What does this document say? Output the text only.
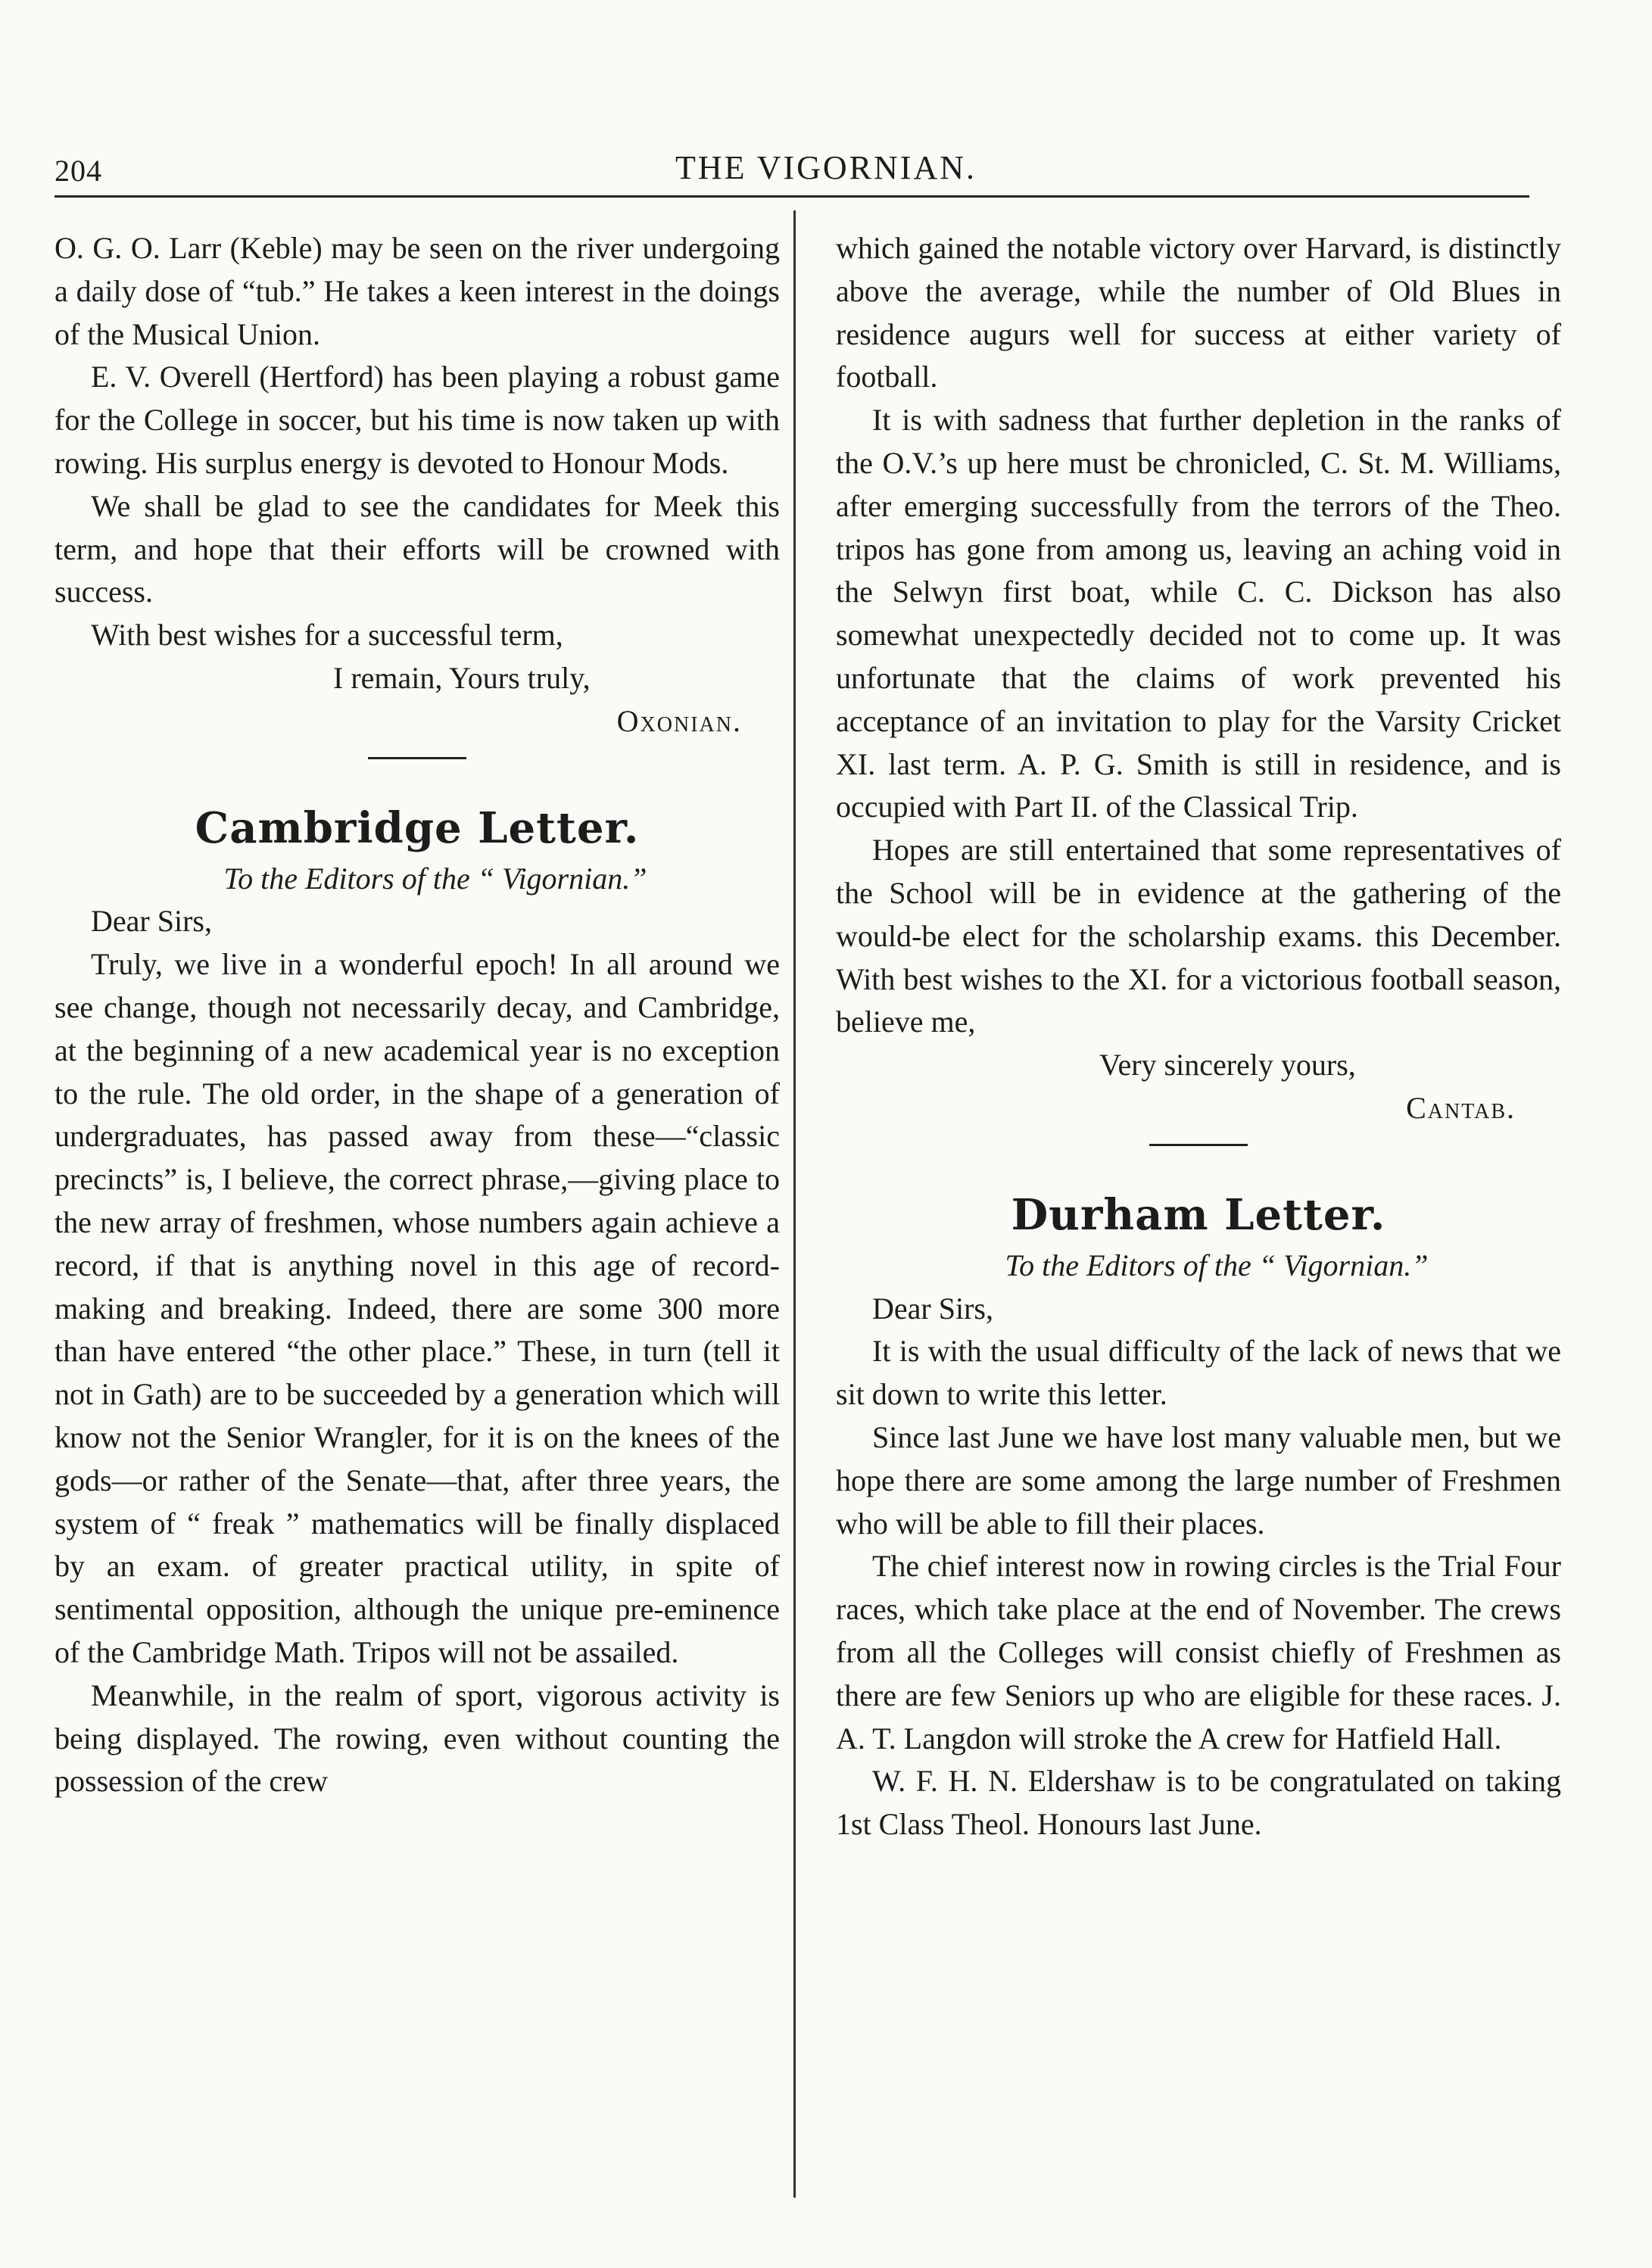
204	THE VIGORNIAN.

O. G. O. Larr (Keble) may be seen on the river undergoing a daily dose of “tub.” He takes a keen interest in the doings of the Musical Union.

E. V. Overell (Hertford) has been playing a robust game for the College in soccer, but his time is now taken up with rowing. His surplus energy is devoted to Honour Mods.

We shall be glad to see the candidates for Meek this term, and hope that their efforts will be crowned with success.

With best wishes for a successful term,

I remain, Yours truly,

Oxonian.

Cambridge Letter.

To the Editors of the “ Vigornian.”

Dear Sirs,

Truly, we live in a wonderful epoch! In all around we see change, though not necessarily decay, and Cambridge, at the beginning of a new academical year is no exception to the rule. The old order, in the shape of a generation of undergraduates, has passed away from these—“classic precincts” is, I believe, the correct phrase,—giving place to the new array of freshmen, whose numbers again achieve a record, if that is anything novel in this age of record-making and breaking. Indeed, there are some 300 more than have entered “the other place.” These, in turn (tell it not in Gath) are to be succeeded by a generation which will know not the Senior Wrangler, for it is on the knees of the gods—or rather of the Senate—that, after three years, the system of “ freak ” mathematics will be finally displaced by an exam. of greater practical utility, in spite of sentimental opposition, although the unique pre-eminence of the Cambridge Math. Tripos will not be assailed.

Meanwhile, in the realm of sport, vigorous activity is being displayed. The rowing, even without counting the possession of the crew

which gained the notable victory over Harvard, is distinctly above the average, while the number of Old Blues in residence augurs well for success at either variety of football.

It is with sadness that further depletion in the ranks of the O.V.’s up here must be chronicled, C. St. M. Williams, after emerging successfully from the terrors of the Theo. tripos has gone from among us, leaving an aching void in the Selwyn first boat, while C. C. Dickson has also somewhat unexpectedly decided not to come up. It was unfortunate that the claims of work prevented his acceptance of an invitation to play for the Varsity Cricket XI. last term. A. P. G. Smith is still in residence, and is occupied with Part II. of the Classical Trip.

Hopes are still entertained that some representatives of the School will be in evidence at the gathering of the would-be elect for the scholarship exams. this December. With best wishes to the XI. for a victorious football season, believe me,

Very sincerely yours,

Cantab.

Durham Letter.

To the Editors of the “ Vigornian.”

Dear Sirs,

It is with the usual difficulty of the lack of news that we sit down to write this letter.

Since last June we have lost many valuable men, but we hope there are some among the large number of Freshmen who will be able to fill their places.

The chief interest now in rowing circles is the Trial Four races, which take place at the end of November. The crews from all the Colleges will consist chiefly of Freshmen as there are few Seniors up who are eligible for these races. J. A. T. Langdon will stroke the A crew for Hatfield Hall.

W. F. H. N. Eldershaw is to be congratulated on taking 1st Class Theol. Honours last June.
